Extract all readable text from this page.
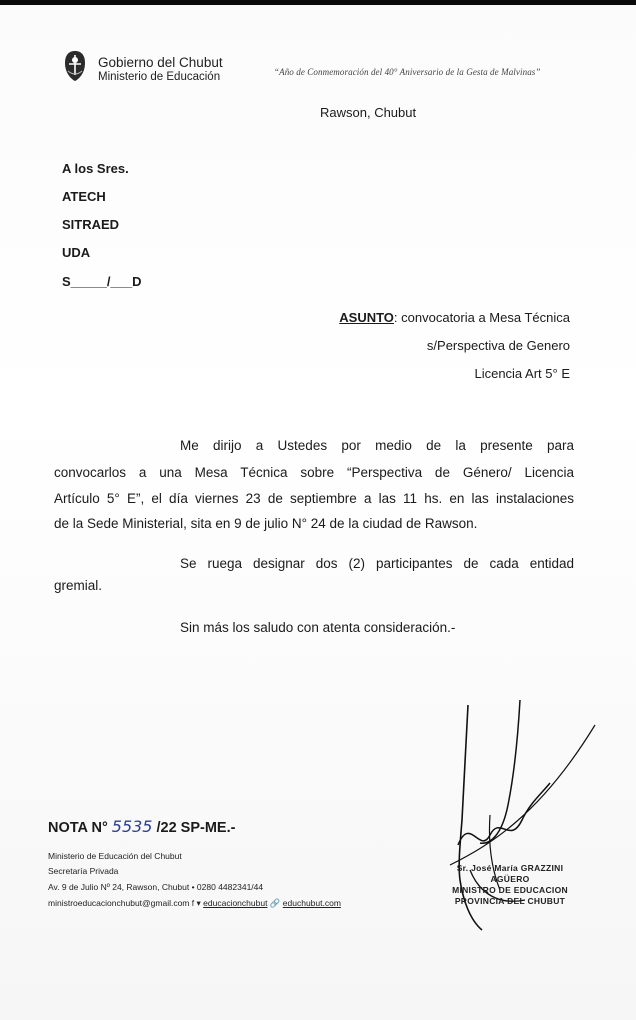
Gobierno del Chubut
Ministerio de Educación	“Año de Conmemoración del 40° Aniversario de la Gesta de Malvinas”
Rawson, Chubut
A los Sres.
ATECH
SITRAED
UDA
S_____/___D
ASUNTO: convocatoria a Mesa Técnica
s/Perspectiva de Genero
Licencia Art 5° E
Me dirijo a Ustedes por medio de la presente para
convocarlos a una Mesa Técnica sobre “Perspectiva de Género/ Licencia
Artículo 5° E”, el día viernes 23 de septiembre a las 11 hs. en las instalaciones
de la Sede Ministerial, sita en 9 de julio N° 24 de la ciudad de Rawson.
Se ruega designar dos (2) participantes de cada entidad
gremial.
Sin más los saludo con atenta consideración.-
Sr. José María GRAZZINI AGÜERO
MINISTRO DE EDUCACION
PROVINCIA DEL CHUBUT
NOTA N° 5535 /22 SP-ME.-
Ministerio de Educación del Chubut
Secretaría Privada
Av. 9 de Julio Nº 24, Rawson, Chubut • 0280 4482341/44
ministroeducacionchubut@gmail.com f ▾ educacionchubut 🔗 educhubut.com
